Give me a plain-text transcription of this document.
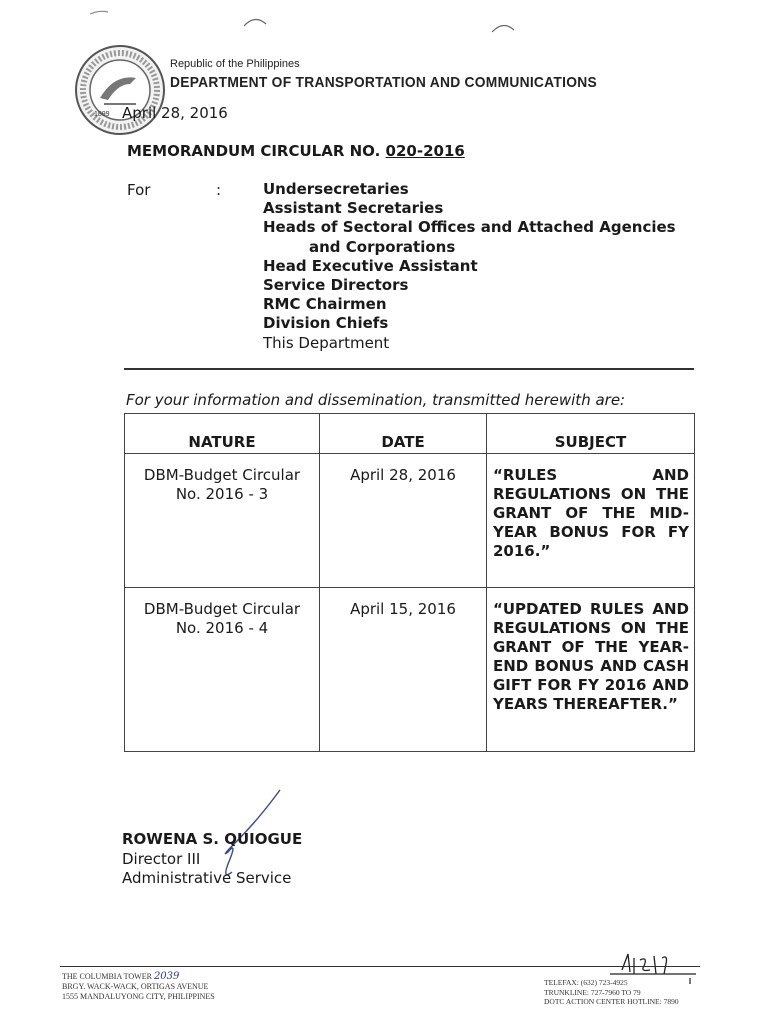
1899
Republic of the Philippines
DEPARTMENT OF TRANSPORTATION AND COMMUNICATIONS
April 28, 2016
MEMORANDUM CIRCULAR NO. 020-2016
For	:	Undersecretaries
Assistant Secretaries
Heads of Sectoral Offices and Attached Agencies
and Corporations
Head Executive Assistant
Service Directors
RMC Chairmen
Division Chiefs
This Department
For your information and dissemination, transmitted herewith are:
NATURE	DATE	SUBJECT

DBM-Budget Circular
No. 2016 - 3	April 28, 2016	“RULES AND REGULATIONS ON THE GRANT OF THE MID-YEAR BONUS FOR FY 2016.”

DBM-Budget Circular
No. 2016 - 4	April 15, 2016	“UPDATED RULES AND REGULATIONS ON THE GRANT OF THE YEAR-END BONUS AND CASH GIFT FOR FY 2016 AND YEARS THEREAFTER.”
ROWENA S. QUIOGUE
Director III
Administrative Service
THE COLUMBIA TOWER 2039
BRGY. WACK-WACK, ORTIGAS AVENUE
1555 MANDALUYONG CITY, PHILIPPINES
TELEFAX: (632) 723-4925
TRUNKLINE: 727-7960 TO 79
DOTC ACTION CENTER HOTLINE: 7890
